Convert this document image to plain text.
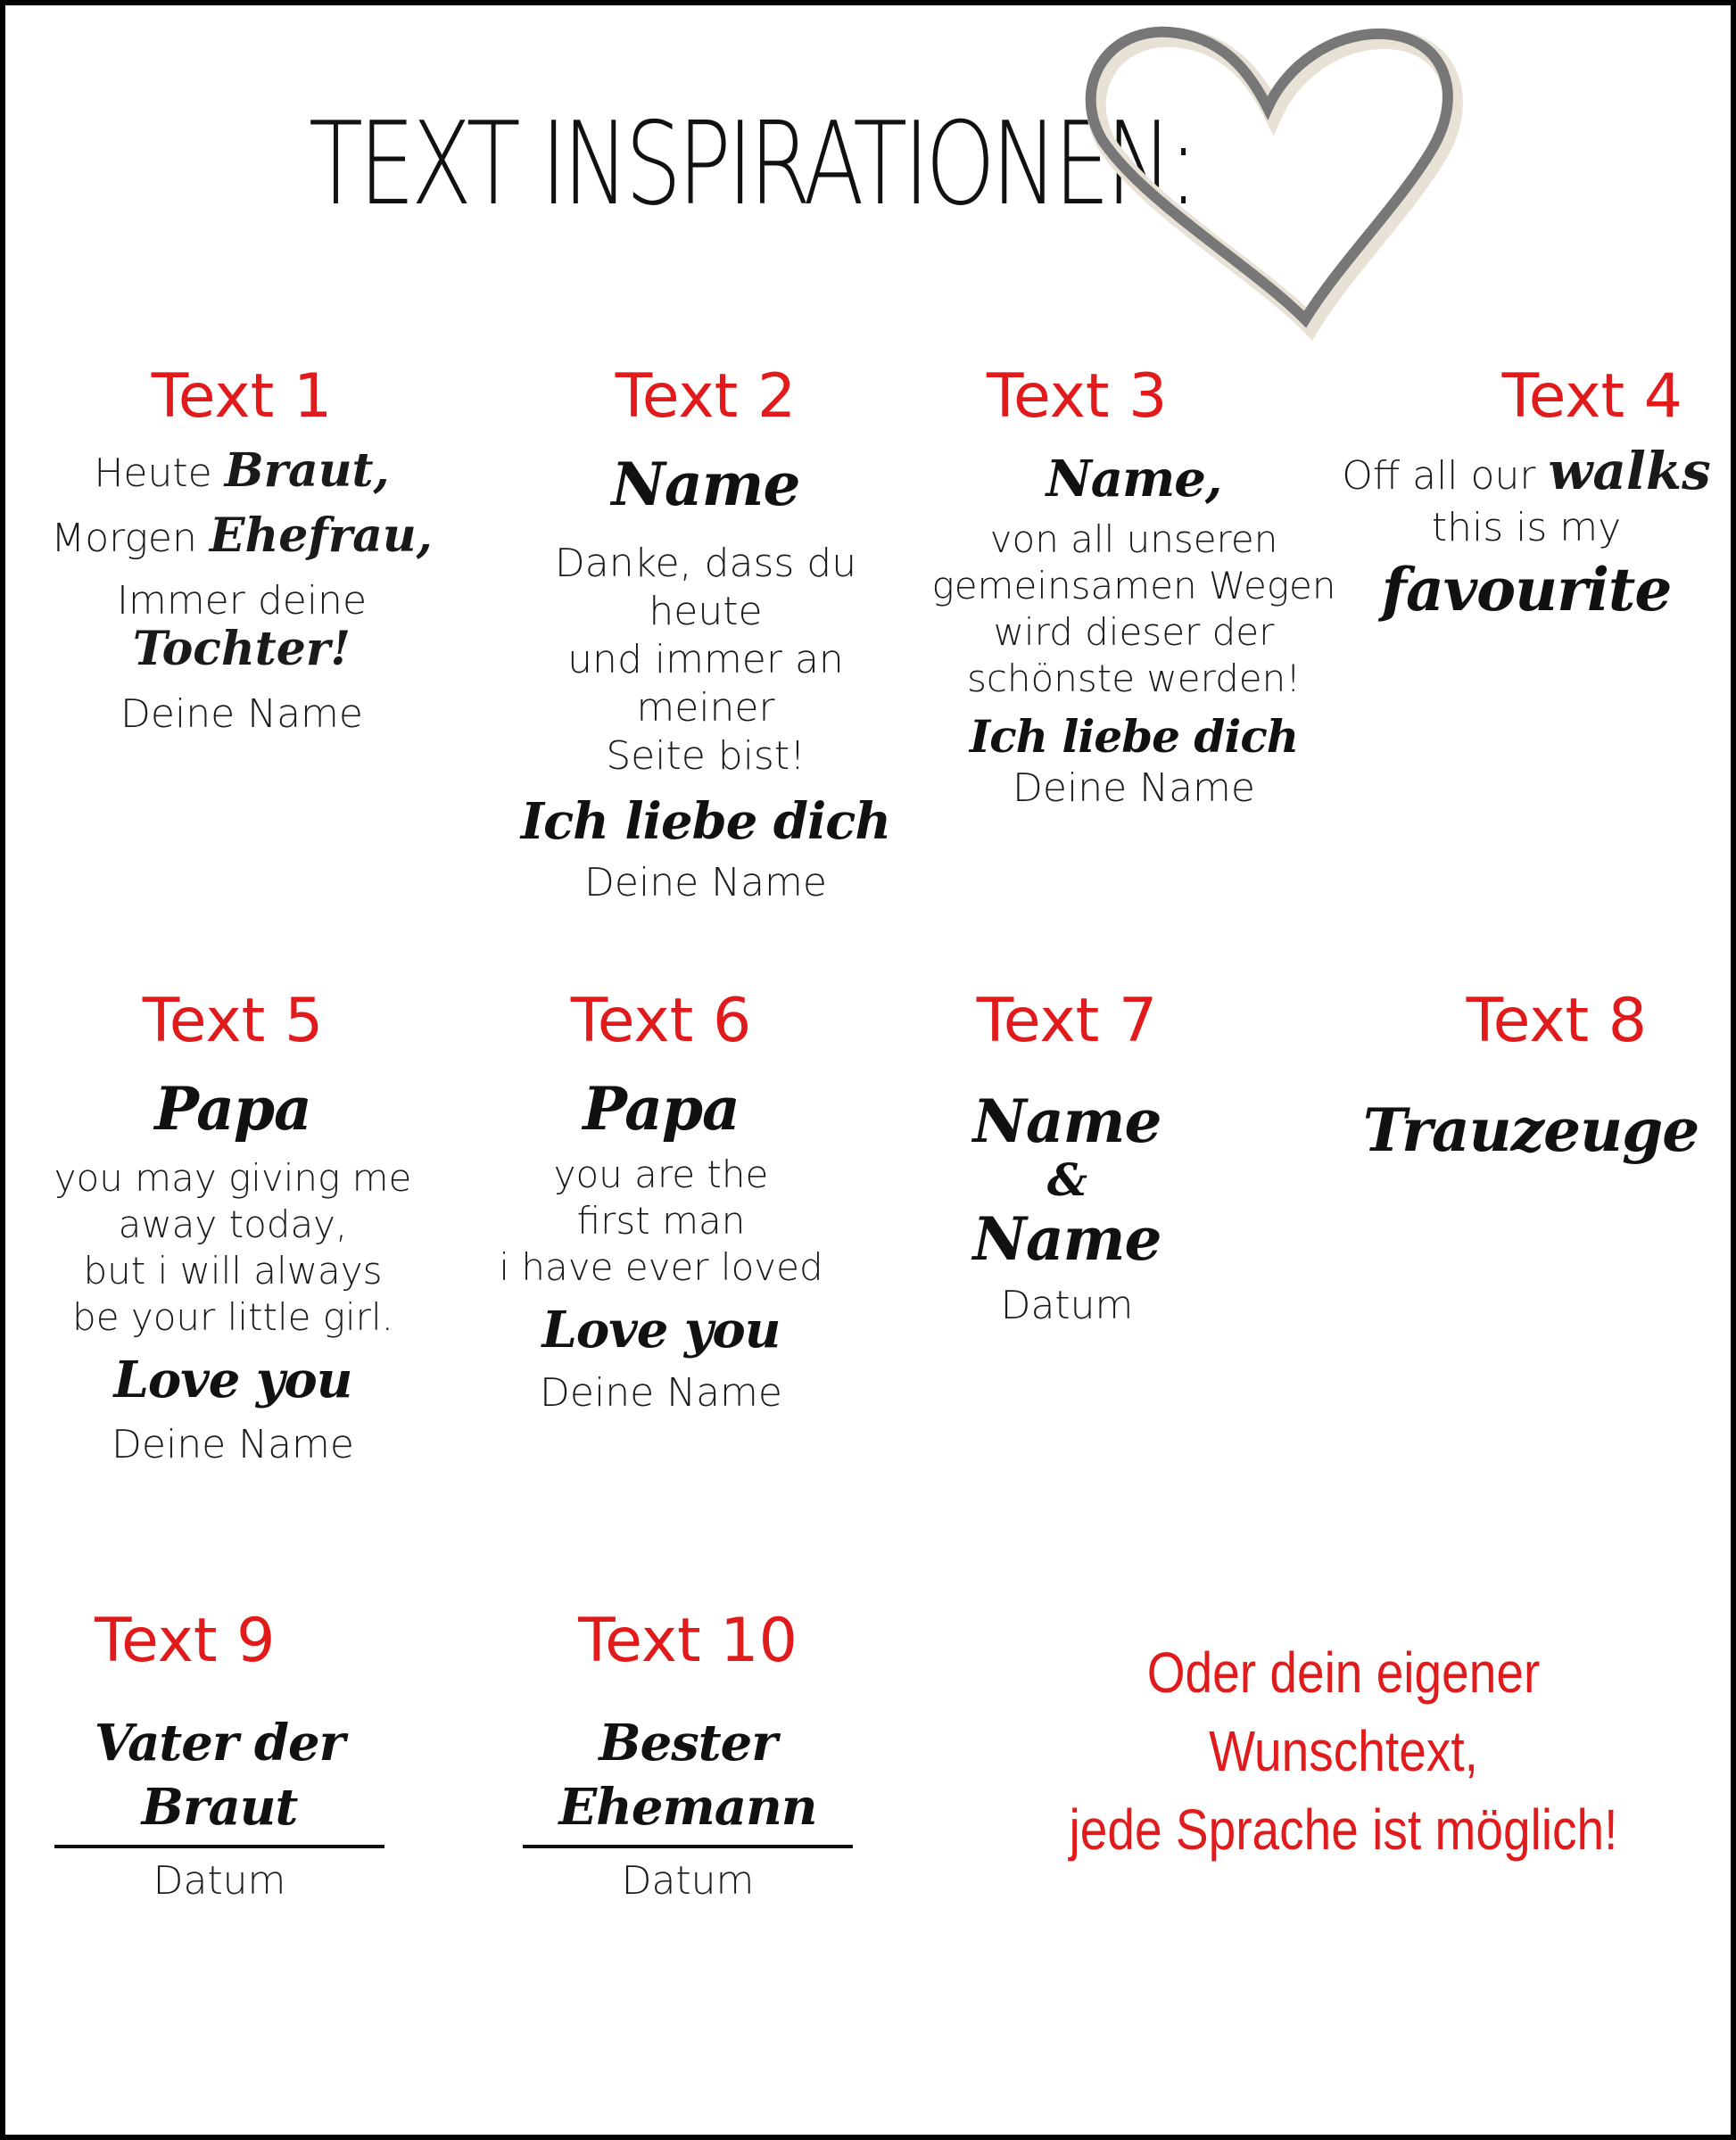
TEXT INSPIRATIONEN:
Text 1
Heute Braut,
Morgen Ehefrau,
Immer deine Tochter!
Deine Name
Text 2
Name
Danke, dass du heute
und immer an meiner
Seite bist!
Ich liebe dich
Deine Name
Text 3
Name,
von all unseren
gemeinsamen Wegen
wird dieser der
schönste werden!
Ich liebe dich
Deine Name
Text 4
Off all our walks
this is my
favourite
Text 5
Papa
you may giving me
away today,
but i will always
be your little girl.
Love you
Deine Name
Text 6
Papa
you are the
first man
i have ever loved
Love you
Deine Name
Text 7
Name
&
Name
Datum
Text 8
Trauzeuge
Text 9
Vater der Braut
Datum
Text 10
Bester Ehemann
Datum
Oder dein eigener Wunschtext,
jede Sprache ist möglich!
